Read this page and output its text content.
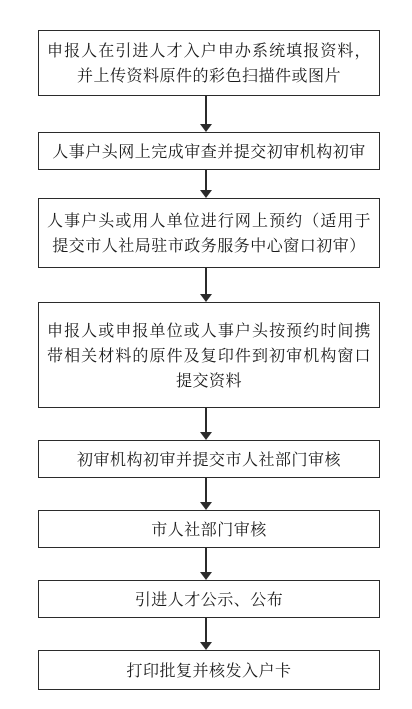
申报人在引进人才入户申办系统填报资料，并上传资料原件的彩色扫描件或图片
人事户头网上完成审查并提交初审机构初审
人事户头或用人单位进行网上预约（适用于提交市人社局驻市政务服务中心窗口初审）
申报人或申报单位或人事户头按预约时间携带相关材料的原件及复印件到初审机构窗口提交资料
初审机构初审并提交市人社部门审核
市人社部门审核
引进人才公示、公布
打印批复并核发入户卡
